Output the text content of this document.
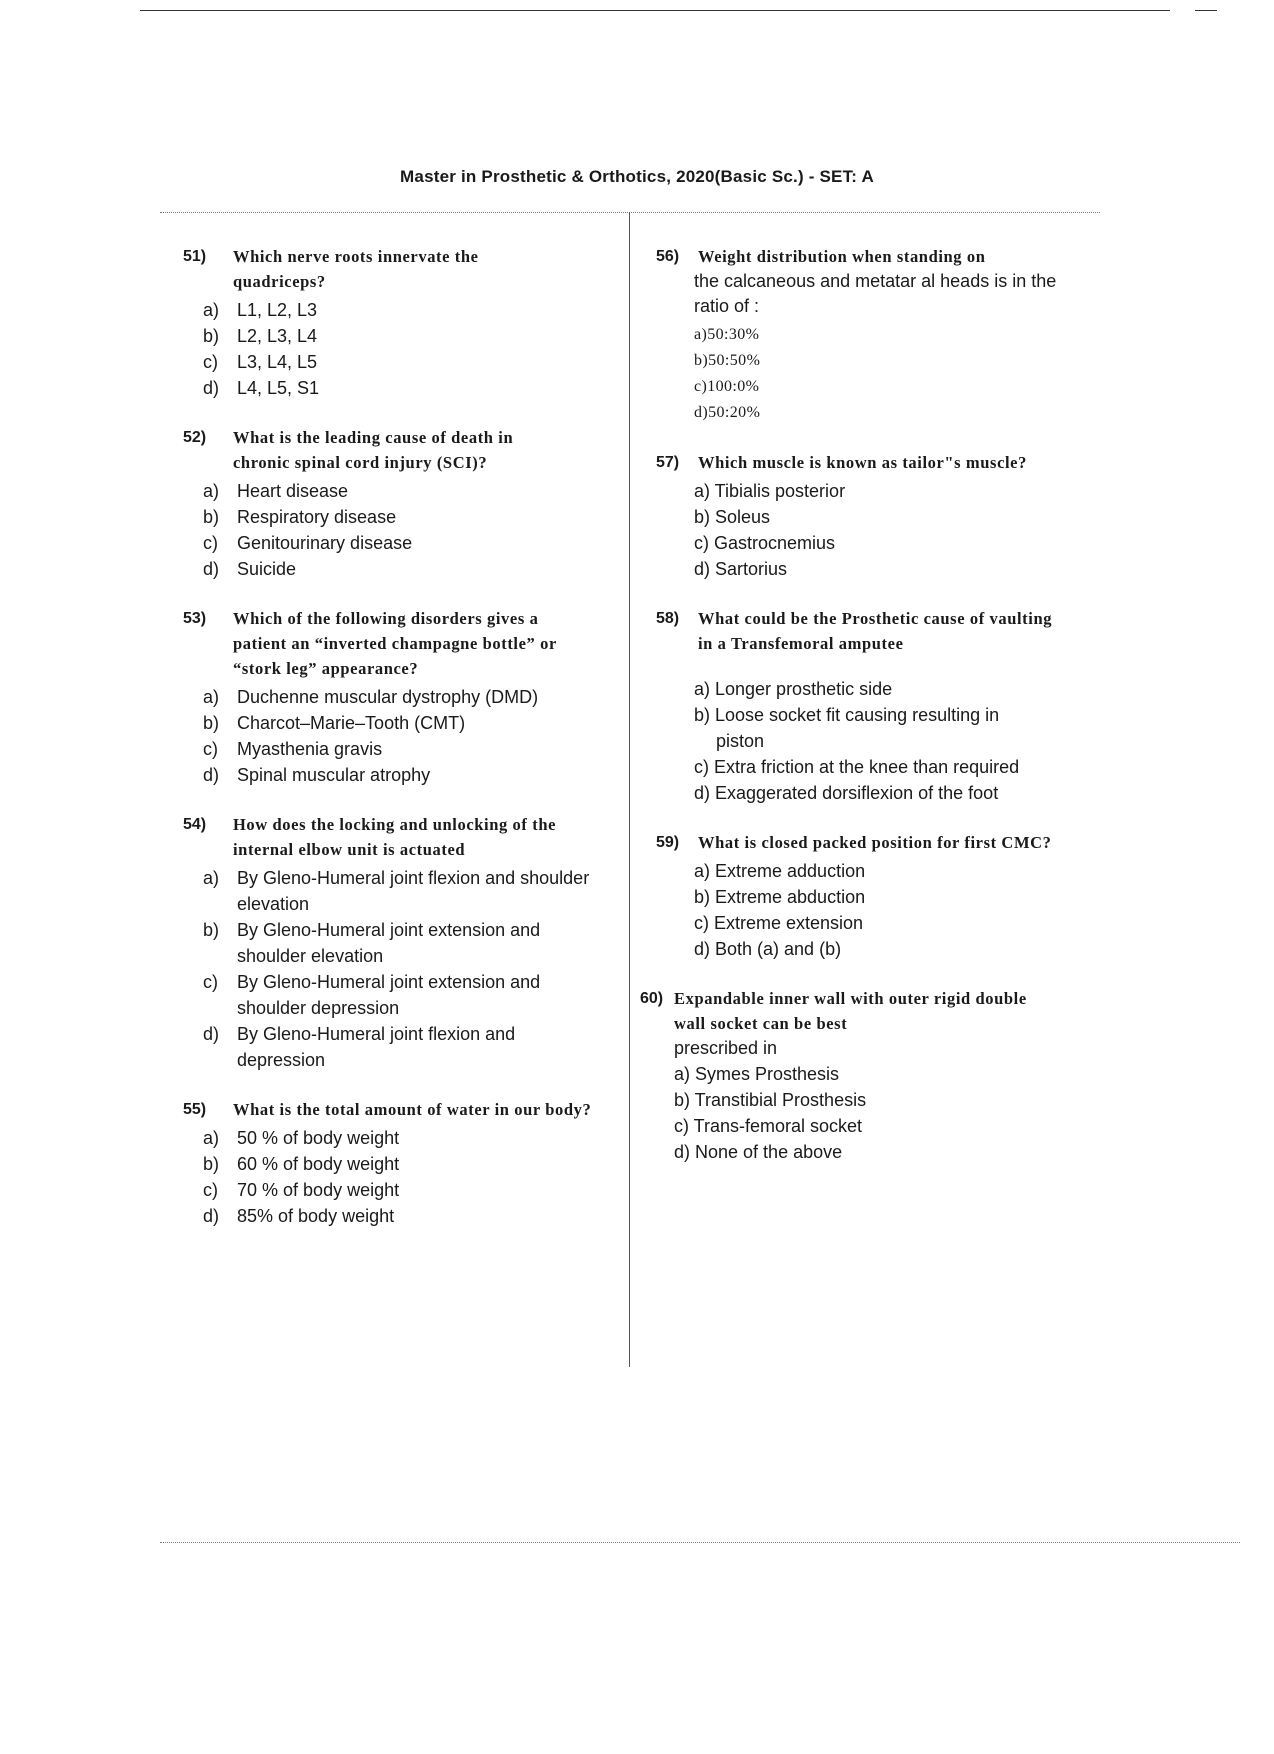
Master in Prosthetic & Orthotics, 2020(Basic Sc.) - SET: A
51)	Which nerve roots innervate the quadriceps?
a) L1, L2, L3
b) L2, L3, L4
c)	L3, L4, L5
d) L4, L5, S1
52)	What is the leading cause of death in chronic spinal cord injury (SCI)?
a) Heart disease
b) Respiratory disease
c)	Genitourinary disease
d) Suicide
53)	Which of the following disorders gives a patient an “inverted champagne bottle” or “stork leg” appearance?
a) Duchenne muscular dystrophy (DMD)
b) Charcot–Marie–Tooth (CMT)
c)	Myasthenia gravis
d) Spinal muscular atrophy
54)	How does the locking and unlocking of the internal elbow unit is actuated
a) By Gleno-Humeral joint flexion and shoulder elevation
b) By Gleno-Humeral joint extension and shoulder elevation
c)	By Gleno-Humeral joint extension and shoulder depression
d) By Gleno-Humeral joint flexion and depression
55)	What is the total amount of water in our body?
a) 50 % of body weight
b) 60 % of body weight
c)	70 % of body weight
d) 85% of body weight
56)	Weight distribution when standing on
the calcaneous and metatar al heads is in the ratio of :
a)50:30%
b)50:50%
c)100:0%
d)50:20%
57)	Which muscle is known as tailor"s muscle?
a) Tibialis posterior
b) Soleus
c) Gastrocnemius
d) Sartorius
58)	What could be the Prosthetic cause of vaulting in a Transfemoral amputee
a) Longer prosthetic side
b) Loose socket fit causing resulting in piston
c) Extra friction at the knee than required
d) Exaggerated dorsiflexion of the foot
59)	What is closed packed position for first CMC?
a) Extreme adduction
b) Extreme abduction
c) Extreme extension
d) Both (a) and (b)
60) Expandable inner wall with outer rigid double wall socket can be best
prescribed in
a) Symes Prosthesis
b) Transtibial Prosthesis
c) Trans-femoral socket
d) None of the above
